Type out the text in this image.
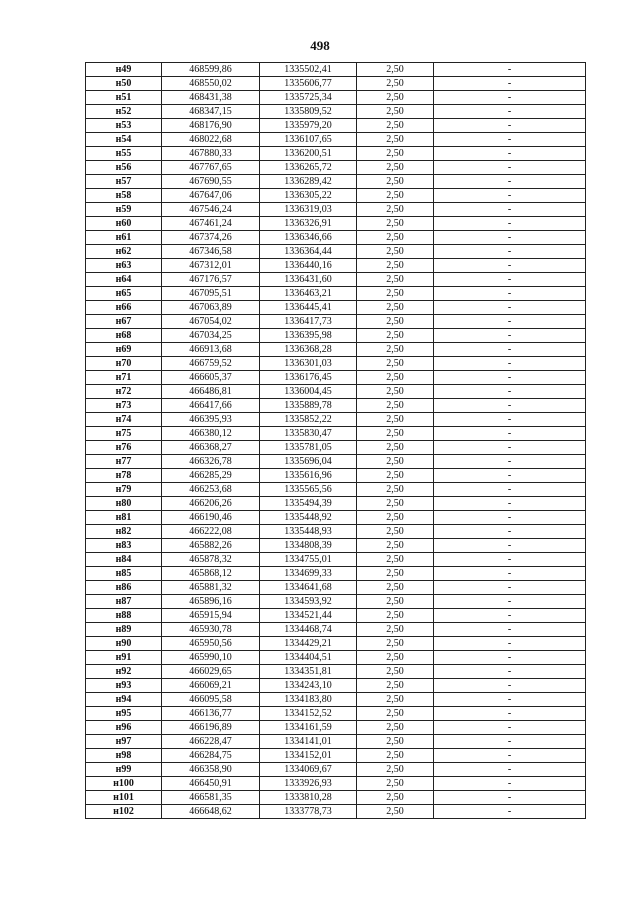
498
н49	468599,86	1335502,41	2,50	-
н50	468550,02	1335606,77	2,50	-
н51	468431,38	1335725,34	2,50	-
н52	468347,15	1335809,52	2,50	-
н53	468176,90	1335979,20	2,50	-
н54	468022,68	1336107,65	2,50	-
н55	467880,33	1336200,51	2,50	-
н56	467767,65	1336265,72	2,50	-
н57	467690,55	1336289,42	2,50	-
н58	467647,06	1336305,22	2,50	-
н59	467546,24	1336319,03	2,50	-
н60	467461,24	1336326,91	2,50	-
н61	467374,26	1336346,66	2,50	-
н62	467346,58	1336364,44	2,50	-
н63	467312,01	1336440,16	2,50	-
н64	467176,57	1336431,60	2,50	-
н65	467095,51	1336463,21	2,50	-
н66	467063,89	1336445,41	2,50	-
н67	467054,02	1336417,73	2,50	-
н68	467034,25	1336395,98	2,50	-
н69	466913,68	1336368,28	2,50	-
н70	466759,52	1336301,03	2,50	-
н71	466605,37	1336176,45	2,50	-
н72	466486,81	1336004,45	2,50	-
н73	466417,66	1335889,78	2,50	-
н74	466395,93	1335852,22	2,50	-
н75	466380,12	1335830,47	2,50	-
н76	466368,27	1335781,05	2,50	-
н77	466326,78	1335696,04	2,50	-
н78	466285,29	1335616,96	2,50	-
н79	466253,68	1335565,56	2,50	-
н80	466206,26	1335494,39	2,50	-
н81	466190,46	1335448,92	2,50	-
н82	466222,08	1335448,93	2,50	-
н83	465882,26	1334808,39	2,50	-
н84	465878,32	1334755,01	2,50	-
н85	465868,12	1334699,33	2,50	-
н86	465881,32	1334641,68	2,50	-
н87	465896,16	1334593,92	2,50	-
н88	465915,94	1334521,44	2,50	-
н89	465930,78	1334468,74	2,50	-
н90	465950,56	1334429,21	2,50	-
н91	465990,10	1334404,51	2,50	-
н92	466029,65	1334351,81	2,50	-
н93	466069,21	1334243,10	2,50	-
н94	466095,58	1334183,80	2,50	-
н95	466136,77	1334152,52	2,50	-
н96	466196,89	1334161,59	2,50	-
н97	466228,47	1334141,01	2,50	-
н98	466284,75	1334152,01	2,50	-
н99	466358,90	1334069,67	2,50	-
н100	466450,91	1333926,93	2,50	-
н101	466581,35	1333810,28	2,50	-
н102	466648,62	1333778,73	2,50	-
